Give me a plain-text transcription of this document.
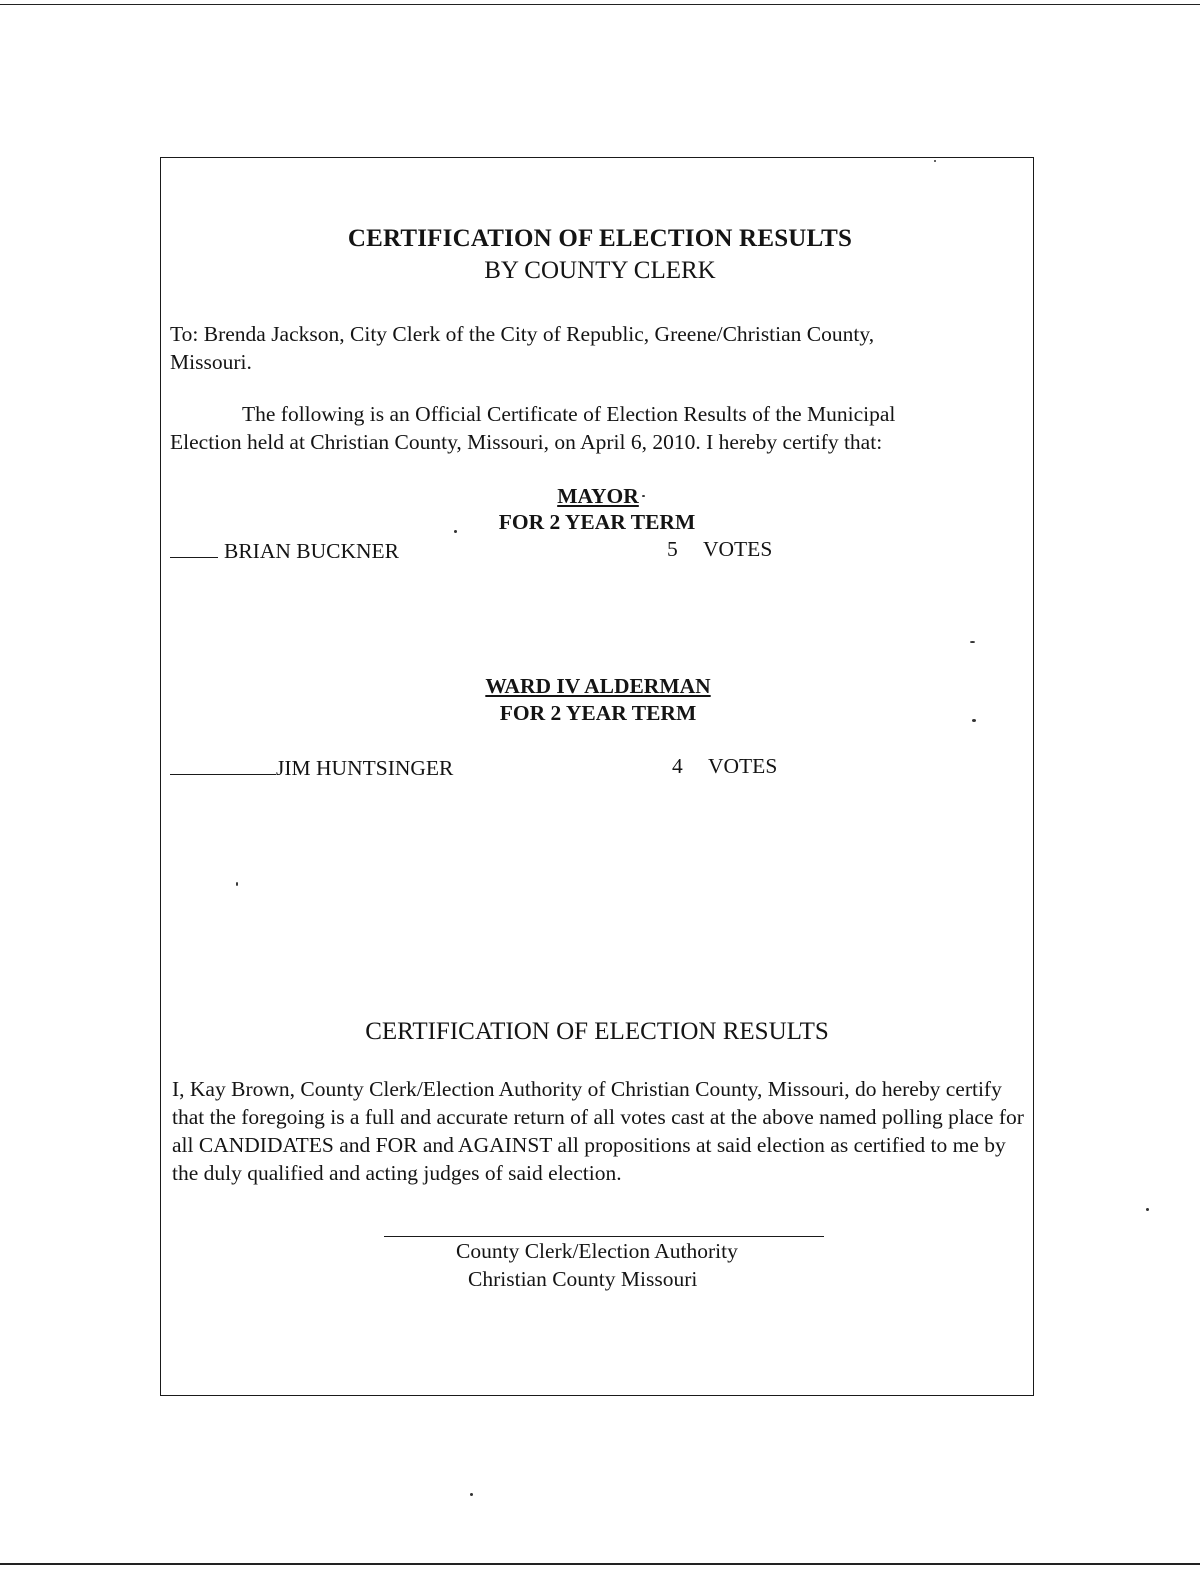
CERTIFICATION OF ELECTION RESULTS
BY COUNTY CLERK
To: Brenda Jackson, City Clerk of the City of Republic, Greene/Christian County,
Missouri.
The following is an Official Certificate of Election Results of the Municipal
Election held at Christian County, Missouri, on April 6, 2010. I hereby certify that:
MAYOR
FOR 2 YEAR TERM
BRIAN BUCKNER	5 VOTES
WARD IV ALDERMAN
FOR 2 YEAR TERM
JIM HUNTSINGER	4 VOTES
CERTIFICATION OF ELECTION RESULTS
I, Kay Brown, County Clerk/Election Authority of Christian County, Missouri, do hereby certify that the foregoing is a full and accurate return of all votes cast at the above named polling place for all CANDIDATES and FOR and AGAINST all propositions at said election as certified to me by the duly qualified and acting judges of said election.
County Clerk/Election Authority
Christian County Missouri
